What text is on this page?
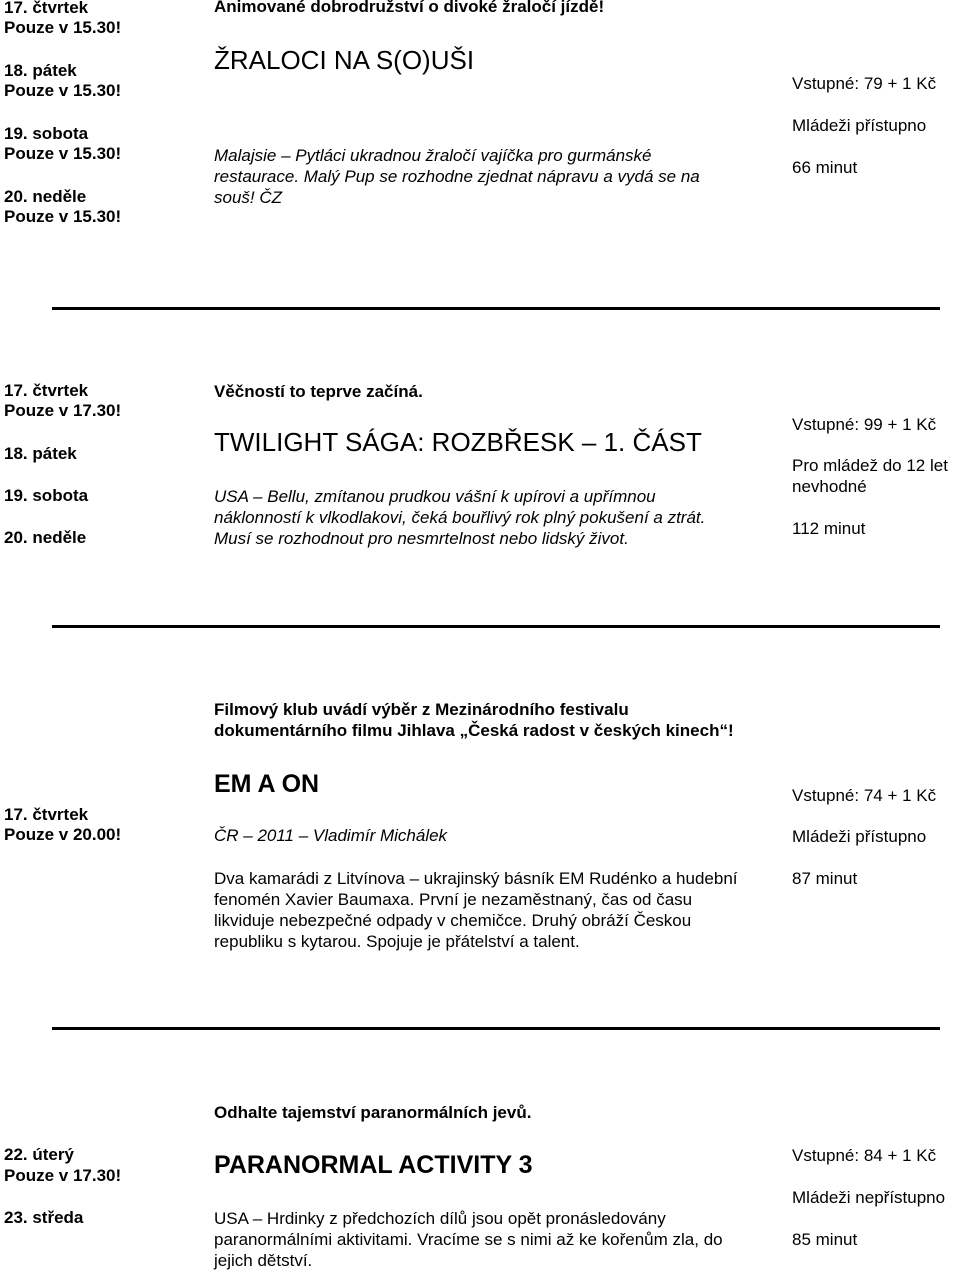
17. čtvrtek
Pouze v 15.30!
18. pátek
Pouze v 15.30!
19. sobota
Pouze v 15.30!
20. neděle
Pouze v 15.30!
Animované dobrodružství o divoké žraločí jízdě!
ŽRALOCI NA S(O)UŠI
Malajsie – Pytláci ukradnou žraločí vajíčka pro gurmánské
restaurace. Malý Pup se rozhodne zjednat nápravu a vydá se na
souš! ČZ
Vstupné: 79 + 1 Kč
Mládeži přístupno
66 minut
17. čtvrtek
Pouze v 17.30!
18. pátek
19. sobota
20. neděle
Věčností to teprve začíná.
TWILIGHT SÁGA: ROZBŘESK – 1. ČÁST
USA – Bellu, zmítanou prudkou vášní k upírovi a upřímnou
náklonností k vlkodlakovi, čeká bouřlivý rok plný pokušení a ztrát.
Musí se rozhodnout pro nesmrtelnost nebo lidský život.
Vstupné: 99 + 1 Kč
Pro mládež do 12 let
nevhodné
112 minut
Filmový klub uvádí výběr z Mezinárodního festivalu
dokumentárního filmu Jihlava „Česká radost v českých kinech“!
17. čtvrtek
Pouze v 20.00!
EM A ON
ČR – 2011 – Vladimír Michálek
Dva kamarádi z Litvínova – ukrajinský básník EM Rudénko a hudební
fenomén Xavier Baumaxa. První je nezaměstnaný, čas od času
likviduje nebezpečné odpady v chemičce. Druhý obráží Českou
republiku s kytarou. Spojuje je přátelství a talent.
Vstupné: 74 + 1 Kč
Mládeži přístupno
87 minut
Odhalte tajemství paranormálních jevů.
22. úterý
Pouze v 17.30!
23. středa
PARANORMAL ACTIVITY 3
USA – Hrdinky z předchozích dílů jsou opět pronásledovány
paranormálními aktivitami. Vracíme se s nimi až ke kořenům zla, do
jejich dětství.
Vstupné: 84 + 1 Kč
Mládeži nepřístupno
85 minut
